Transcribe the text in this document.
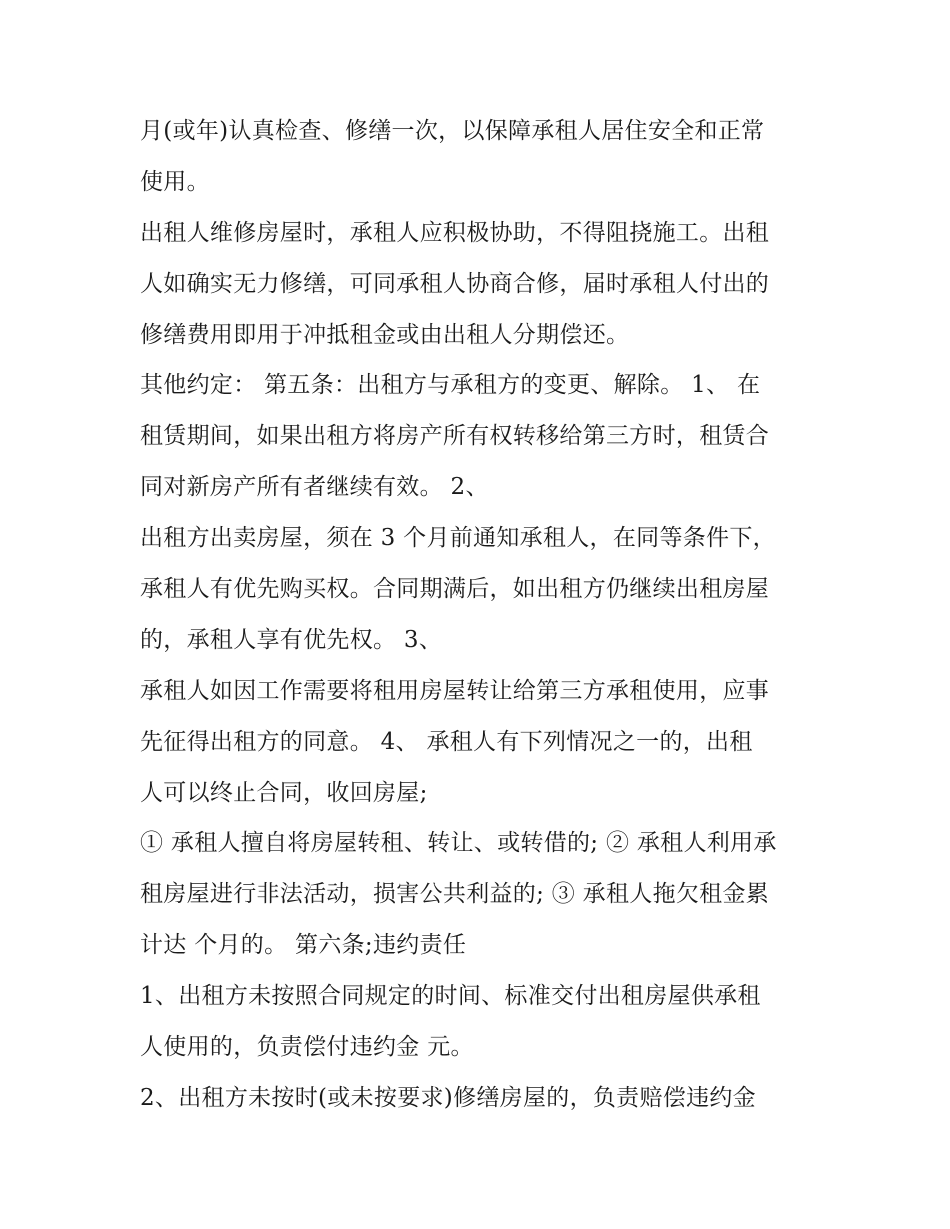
月(或年)认真检查、修缮一次，以保障承租人居住安全和正常
使用。
出租人维修房屋时，承租人应积极协助，不得阻挠施工。出租
人如确实无力修缮，可同承租人协商合修，届时承租人付出的
修缮费用即用于冲抵租金或由出租人分期偿还。
其他约定： 第五条：出租方与承租方的变更、解除。 1、 在
租赁期间，如果出租方将房产所有权转移给第三方时，租赁合
同对新房产所有者继续有效。 2、
出租方出卖房屋，须在 3 个月前通知承租人，在同等条件下，
承租人有优先购买权。合同期满后，如出租方仍继续出租房屋
的，承租人享有优先权。 3、
承租人如因工作需要将租用房屋转让给第三方承租使用，应事
先征得出租方的同意。 4、 承租人有下列情况之一的，出租
人可以终止合同，收回房屋;
① 承租人擅自将房屋转租、转让、或转借的; ② 承租人利用承
租房屋进行非法活动，损害公共利益的; ③ 承租人拖欠租金累
计达 个月的。 第六条;违约责任
1、出租方未按照合同规定的时间、标准交付出租房屋供承租
人使用的，负责偿付违约金 元。
2、出租方未按时(或未按要求)修缮房屋的，负责赔偿违约金
